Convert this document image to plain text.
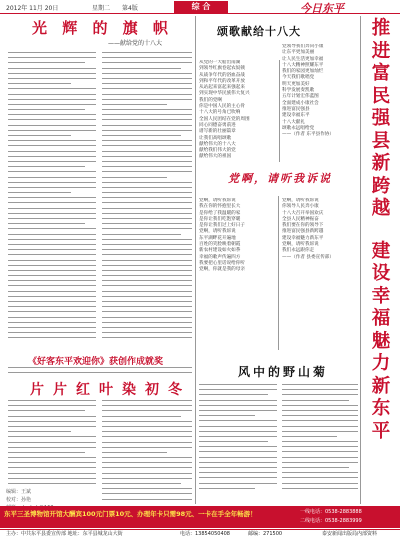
2012年 11月 20日	星期二 第4版	综 合	今日东平
光 辉 的 旗 帜
——献给党的十八大
《好客东平欢迎你》获创作成就奖
片片红叶染初冬
编辑：王斌
校对：孙艳
颂歌献给十八大
从党的一大船出南湖
到领导红旗卷起农奴戟
从战争年代的浴血奋战
到和平年代的改革开放
从站起来富起来强起来
到实现中华民族伟大复兴
我们的党啊
你是中国人民的主心骨
十八大的号角已吹响
全国人民团结在党的周围
同心同德奋勇前进
谱写新的壮丽篇章
让我们高唱颂歌
献给伟大的十八大
献给我们伟大的党
献给伟大的祖国
党领导我们奔向小康
让东平更加美丽
让人民生活更加幸福
十八大精神照耀东平
我们的家园更加灿烂
今天我们歌唱党
明天更加美好
科学发展奏凯歌
五年计划宏伟蓝图
全面建成小康社会
推进富民强县
建设幸福东平
十八大献礼
颂歌永远唱给党
——（作者 东平县作协）
党啊，请听我诉说
党啊，请听我诉说
我在你的怀抱里长大
是你给了我温暖的家
是你让我们吃饱穿暖
是你让我们过上好日子
党啊，请听我诉说
东平湖畔花开遍地
百姓的笑脸映着朝霞
新农村建设如火如荼
幸福的歌声传遍四方
我要把心里话说给你听
党啊，你就是我的母亲
党啊，请听我诉说
你领导人民奔小康
十八大召开举国欢庆
全县人民精神振奋
我们要在你的领导下
推进富民强县新跨越
建设幸福魅力新东平
党啊，请听我诉说
我们永远跟你走
——（作者 县委宣传部）
风中的野山菊
推
进
富
民
强
县
新
跨
越
建
设
幸
福
魅
力
新
东
平
东平三圣博物馆开馆大酬宾100元门票10元、办理年卡只需98元、一卡在手全年畅游！	一线电话：0538-2883888
二线电话：0538-2883999
主办：中共东平县委宣传部 地址：东平县城龙山大街	电话：13854050408	邮编：271500	泰安新闻出版局内部资料
